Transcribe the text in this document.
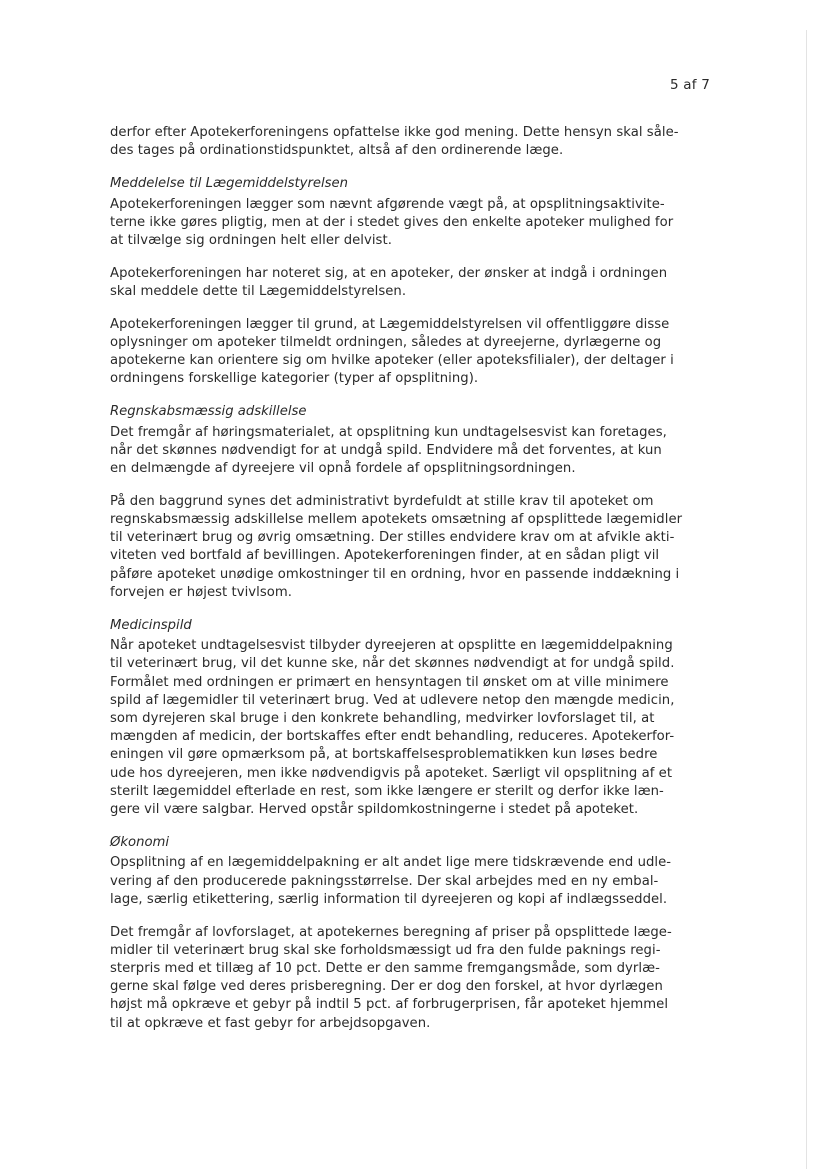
5 af 7

derfor efter Apotekerforeningens opfattelse ikke god mening. Dette hensyn skal såle-
des tages på ordinationstidspunktet, altså af den ordinerende læge.

Meddelelse til Lægemiddelstyrelsen

Apotekerforeningen lægger som nævnt afgørende vægt på, at opsplitningsaktivite-
terne ikke gøres pligtig, men at der i stedet gives den enkelte apoteker mulighed for
at tilvælge sig ordningen helt eller delvist.

Apotekerforeningen har noteret sig, at en apoteker, der ønsker at indgå i ordningen
skal meddele dette til Lægemiddelstyrelsen.

Apotekerforeningen lægger til grund, at Lægemiddelstyrelsen vil offentliggøre disse
oplysninger om apoteker tilmeldt ordningen, således at dyreejerne, dyrlægerne og
apotekerne kan orientere sig om hvilke apoteker (eller apoteksfilialer), der deltager i
ordningens forskellige kategorier (typer af opsplitning).

Regnskabsmæssig adskillelse

Det fremgår af høringsmaterialet, at opsplitning kun undtagelsesvist kan foretages,
når det skønnes nødvendigt for at undgå spild. Endvidere må det forventes, at kun
en delmængde af dyreejere vil opnå fordele af opsplitningsordningen.

På den baggrund synes det administrativt byrdefuldt at stille krav til apoteket om
regnskabsmæssig adskillelse mellem apotekets omsætning af opsplittede lægemidler
til veterinært brug og øvrig omsætning. Der stilles endvidere krav om at afvikle akti-
viteten ved bortfald af bevillingen. Apotekerforeningen finder, at en sådan pligt vil
påføre apoteket unødige omkostninger til en ordning, hvor en passende inddækning i
forvejen er højest tvivlsom.

Medicinspild

Når apoteket undtagelsesvist tilbyder dyreejeren at opsplitte en lægemiddelpakning
til veterinært brug, vil det kunne ske, når det skønnes nødvendigt at for undgå spild.
Formålet med ordningen er primært en hensyntagen til ønsket om at ville minimere
spild af lægemidler til veterinært brug. Ved at udlevere netop den mængde medicin,
som dyrejeren skal bruge i den konkrete behandling, medvirker lovforslaget til, at
mængden af medicin, der bortskaffes efter endt behandling, reduceres. Apotekerfor-
eningen vil gøre opmærksom på, at bortskaffelsesproblematikken kun løses bedre
ude hos dyreejeren, men ikke nødvendigvis på apoteket. Særligt vil opsplitning af et
sterilt lægemiddel efterlade en rest, som ikke længere er sterilt og derfor ikke læn-
gere vil være salgbar. Herved opstår spildomkostningerne i stedet på apoteket.

Økonomi

Opsplitning af en lægemiddelpakning er alt andet lige mere tidskrævende end udle-
vering af den producerede pakningsstørrelse. Der skal arbejdes med en ny embal-
lage, særlig etikettering, særlig information til dyreejeren og kopi af indlægsseddel.

Det fremgår af lovforslaget, at apotekernes beregning af priser på opsplittede læge-
midler til veterinært brug skal ske forholdsmæssigt ud fra den fulde paknings regi-
sterpris med et tillæg af 10 pct. Dette er den samme fremgangsmåde, som dyrlæ-
gerne skal følge ved deres prisberegning. Der er dog den forskel, at hvor dyrlægen
højst må opkræve et gebyr på indtil 5 pct. af forbrugerprisen, får apoteket hjemmel
til at opkræve et fast gebyr for arbejdsopgaven.
